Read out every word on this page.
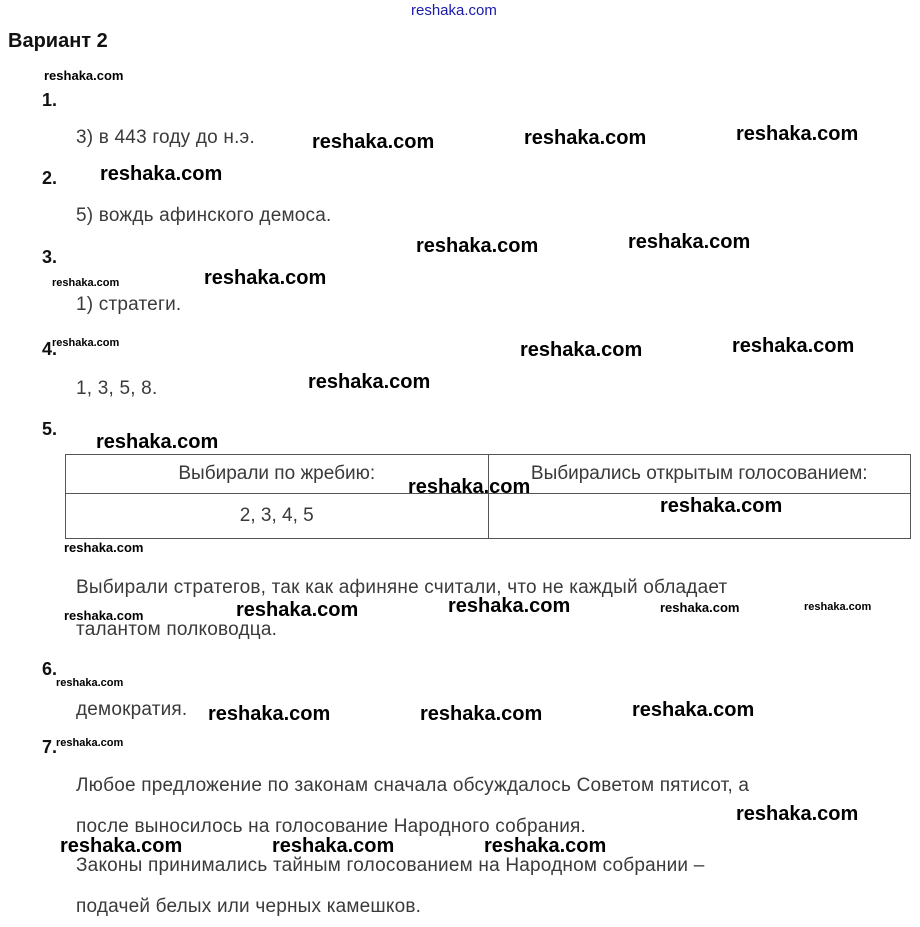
reshaka.com
Вариант 2
1.
2.
3.
4.
5.
6.
7.
3) в 443 году до н.э.
5) вождь афинского демоса.
1) стратеги.
1, 3, 5, 8.
Выбирали по жребию:	Выбирались открытым голосованием:
2, 3, 4, 5	
Выбирали стратегов, так как афиняне считали, что не каждый обладает
талантом полководца.
демократия.
Любое предложение по законам сначала обсуждалось Советом пятисот, а
после выносилось на голосование Народного собрания.
Законы принимались тайным голосованием на Народном собрании –
подачей белых или черных камешков.
reshaka.com
reshaka.com	reshaka.com	reshaka.com
reshaka.com
reshaka.com	reshaka.com
reshaka.com	reshaka.com
reshaka.com	reshaka.com	reshaka.com
reshaka.com
reshaka.com
reshaka.com
reshaka.com
reshaka.com
reshaka.com	reshaka.com	reshaka.com	reshaka.com	reshaka.com
reshaka.com
reshaka.com	reshaka.com	reshaka.com
reshaka.com
reshaka.com
reshaka.com	reshaka.com	reshaka.com
